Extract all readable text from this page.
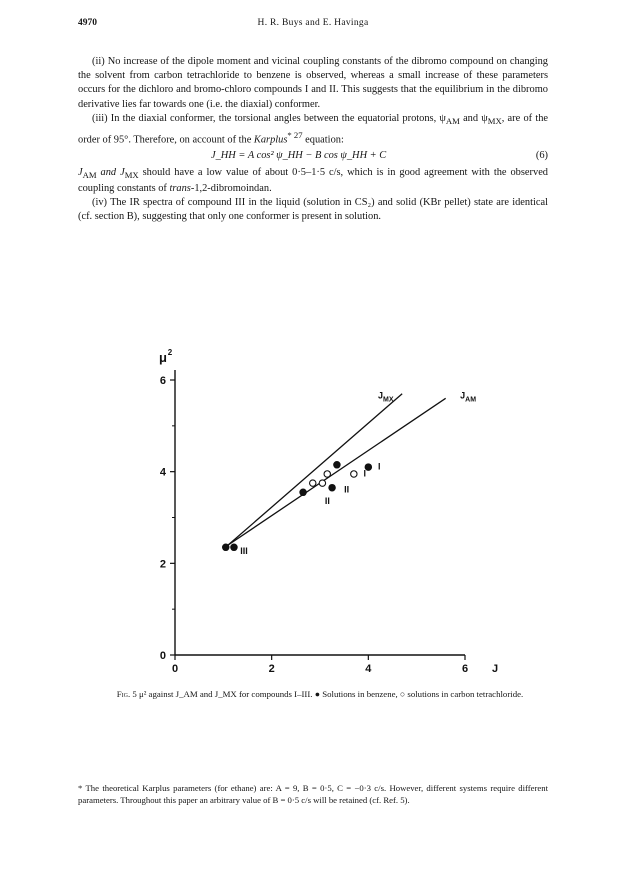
4970	H. R. Buys and E. Havinga

(ii) No increase of the dipole moment and vicinal coupling constants of the dibromo compound on changing the solvent from carbon tetrachloride to benzene is observed, whereas a small increase of these parameters occurs for the dichloro and bromo-chloro compounds I and II. This suggests that the equilibrium in the dibromo derivative lies far towards one (i.e. the diaxial) conformer.

(iii) In the diaxial conformer, the torsional angles between the equatorial protons, $\psi_{AM}$ and $\psi_{MX}$, are of the order of 95°. Therefore, on account of the Karplus$^{* 27}$ equation:

J_HH = A cos² ψ_HH − B cos ψ_HH + C	(6)

$J_{AM}$ and $J_{MX}$ should have a low value of about 0·5–1·5 c/s, which is in good agreement with the observed coupling constants of trans-1,2-dibromoindan.

(iv) The IR spectra of compound III in the liquid (solution in CS₂) and solid (KBr pellet) state are identical (cf. section B), suggesting that only one conformer is present in solution.

0	2	4	6
0
2
4
6
J
μ 2
III
II
II
I
I
$J_{MX}$	$J_{AM}$
Fig. 5 μ² against J_AM and J_MX for compounds I–III. ● Solutions in benzene, ○ solutions in carbon tetrachloride.
* The theoretical Karplus parameters (for ethane) are: A = 9, B = 0·5, C = −0·3 c/s. However, different systems require different parameters. Throughout this paper an arbitrary value of B = 0·5 c/s will be retained (cf. Ref. 5).
